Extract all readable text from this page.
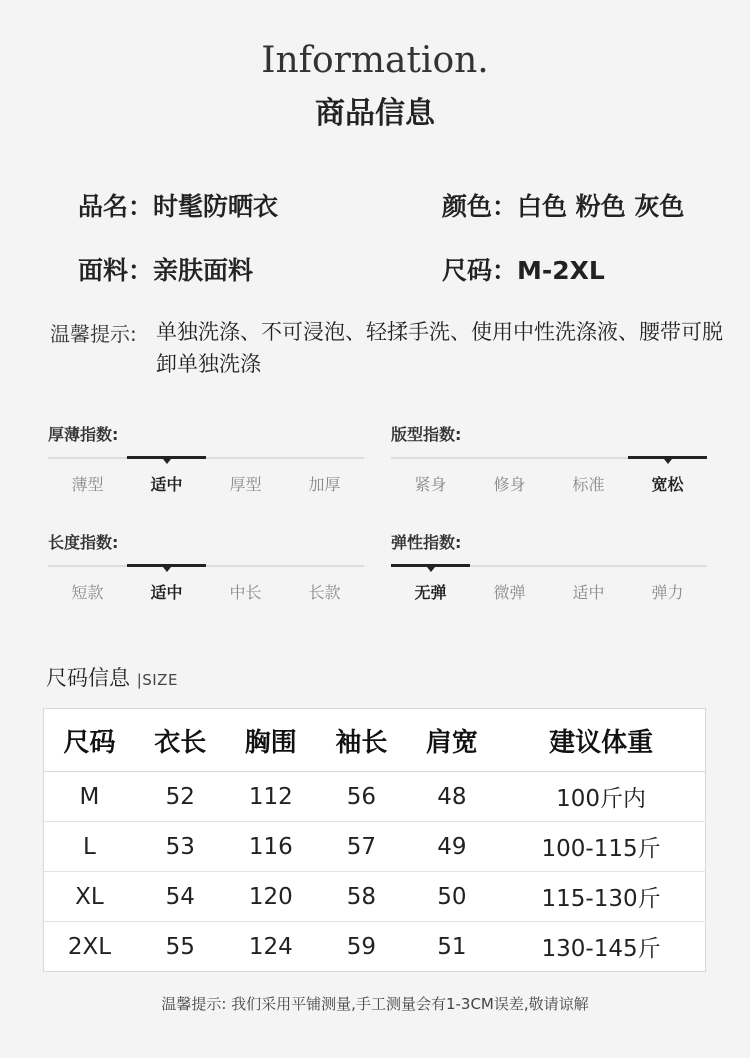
Information.
商品信息
品名：时髦防晒衣	颜色：白色 粉色 灰色
面料：亲肤面料	尺码：M-2XL
温馨提示: 单独洗涤、不可浸泡、轻揉手洗、使用中性洗涤液、腰带可脱卸单独洗涤
厚薄指数:
薄型	适中	厚型	加厚
版型指数:
紧身	修身	标准	宽松
长度指数:
短款	适中	中长	长款
弹性指数:
无弹	微弹	适中	弹力
尺码信息 |SIZE
尺码	衣长	胸围	袖长	肩宽	建议体重
M	52	112	56	48	100斤内
L	53	116	57	49	100-115斤
XL	54	120	58	50	115-130斤
2XL	55	124	59	51	130-145斤
温馨提示: 我们采用平铺测量,手工测量会有1-3CM误差,敬请谅解
